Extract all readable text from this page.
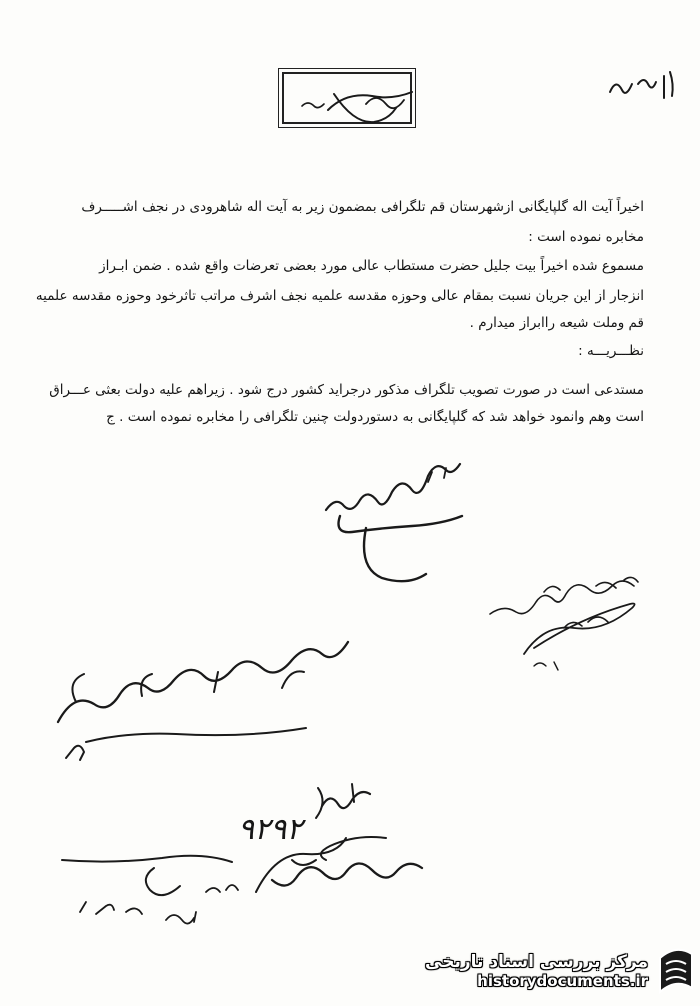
اخیراً آیت اله گلپایگانی ازشهرستان قم تلگرافی بمضمون زیر به آیت اله شاهرودی در نجف اشـــــرف
مخابره نموده است :
مسموع شده اخیراً بیت جلیل حضرت مستطاب عالی مورد بعضی تعرضات واقع شده . ضمن ابـراز
انزجار از این جریان نسبت بمقام عالی وحوزه مقدسه علمیه نجف اشرف مراتب تاثرخود وحوزه مقدسه علمیه
قم وملت شیعه راابراز میدارم .
نظـــریـــه :
مستدعی است در صورت تصویب تلگراف مذکور درجراید کشور درج شود . زیراهم علیه دولت بعثی عـــراق
است وهم وانمود خواهد شد که گلپایگانی به دستوردولت چنین تلگرافی را مخابره نموده است . ج
۹۲۹۲
مرکز بررسی اسناد تاریخی
historydocuments.ir
